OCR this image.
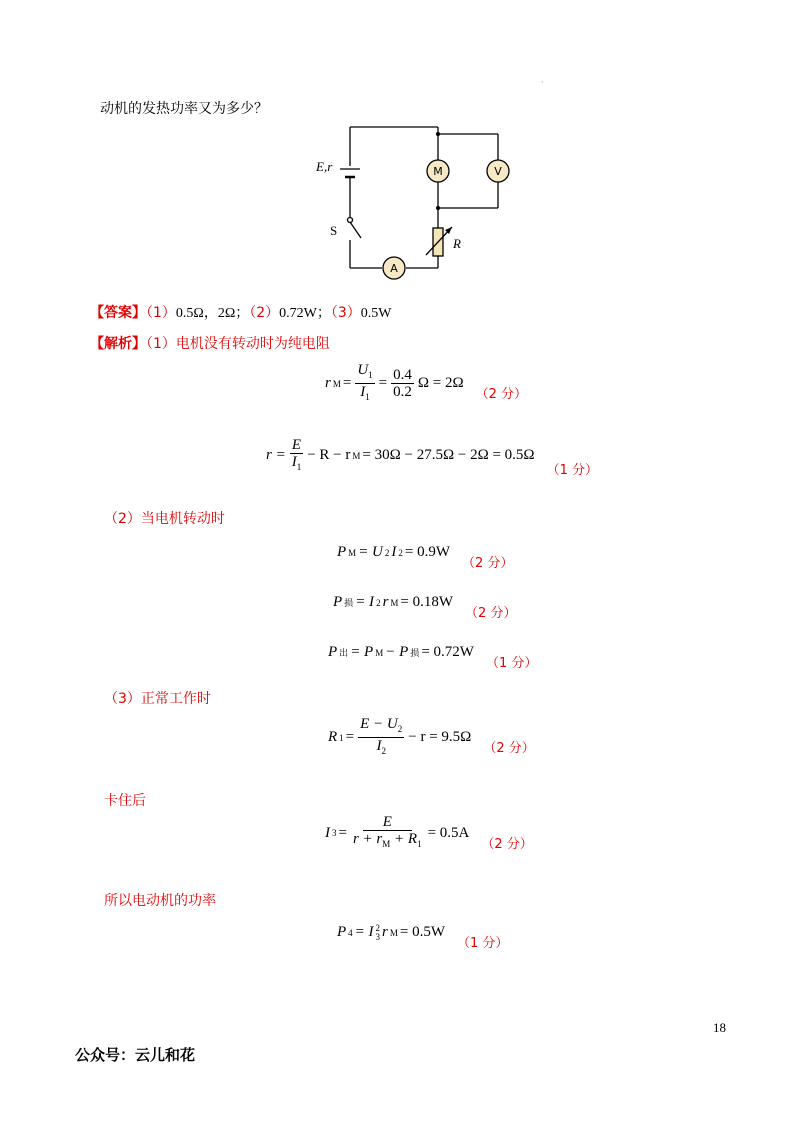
·
动机的发热功率又为多少？
M	V
A
E,r
S
R
【答案】（1）0.5Ω，2Ω；（2）0.72W；（3）0.5W
【解析】（1）电机没有转动时为纯电阻
r $M = \frac{U_1}{I_1} = \frac{0.4}{0.2}$ Ω = 2Ω
（2 分）
$r = \frac{E}{I_1} - R - r$ M = 30Ω − 27.5Ω − 2Ω = 0.5Ω
（1 分）
（2）当电机转动时
P M = U 2 I 2 = 0.9W
（2 分）
P 损 = I 2 r M = 0.18W
（2 分）
P 出 = P M − P 损 = 0.72W
（1 分）
（3）正常工作时
R $1 = \frac{E - U_2}{I_2} - r = 9.5\Omega$
（2 分）
卡住后
I $3 = \frac{E}{r + r_M + R_1} = 0.5A$
（2 分）
所以电动机的功率
P 4 = I 2
3 r M = 0.5W
（1 分）
18
公众号：云儿和花
